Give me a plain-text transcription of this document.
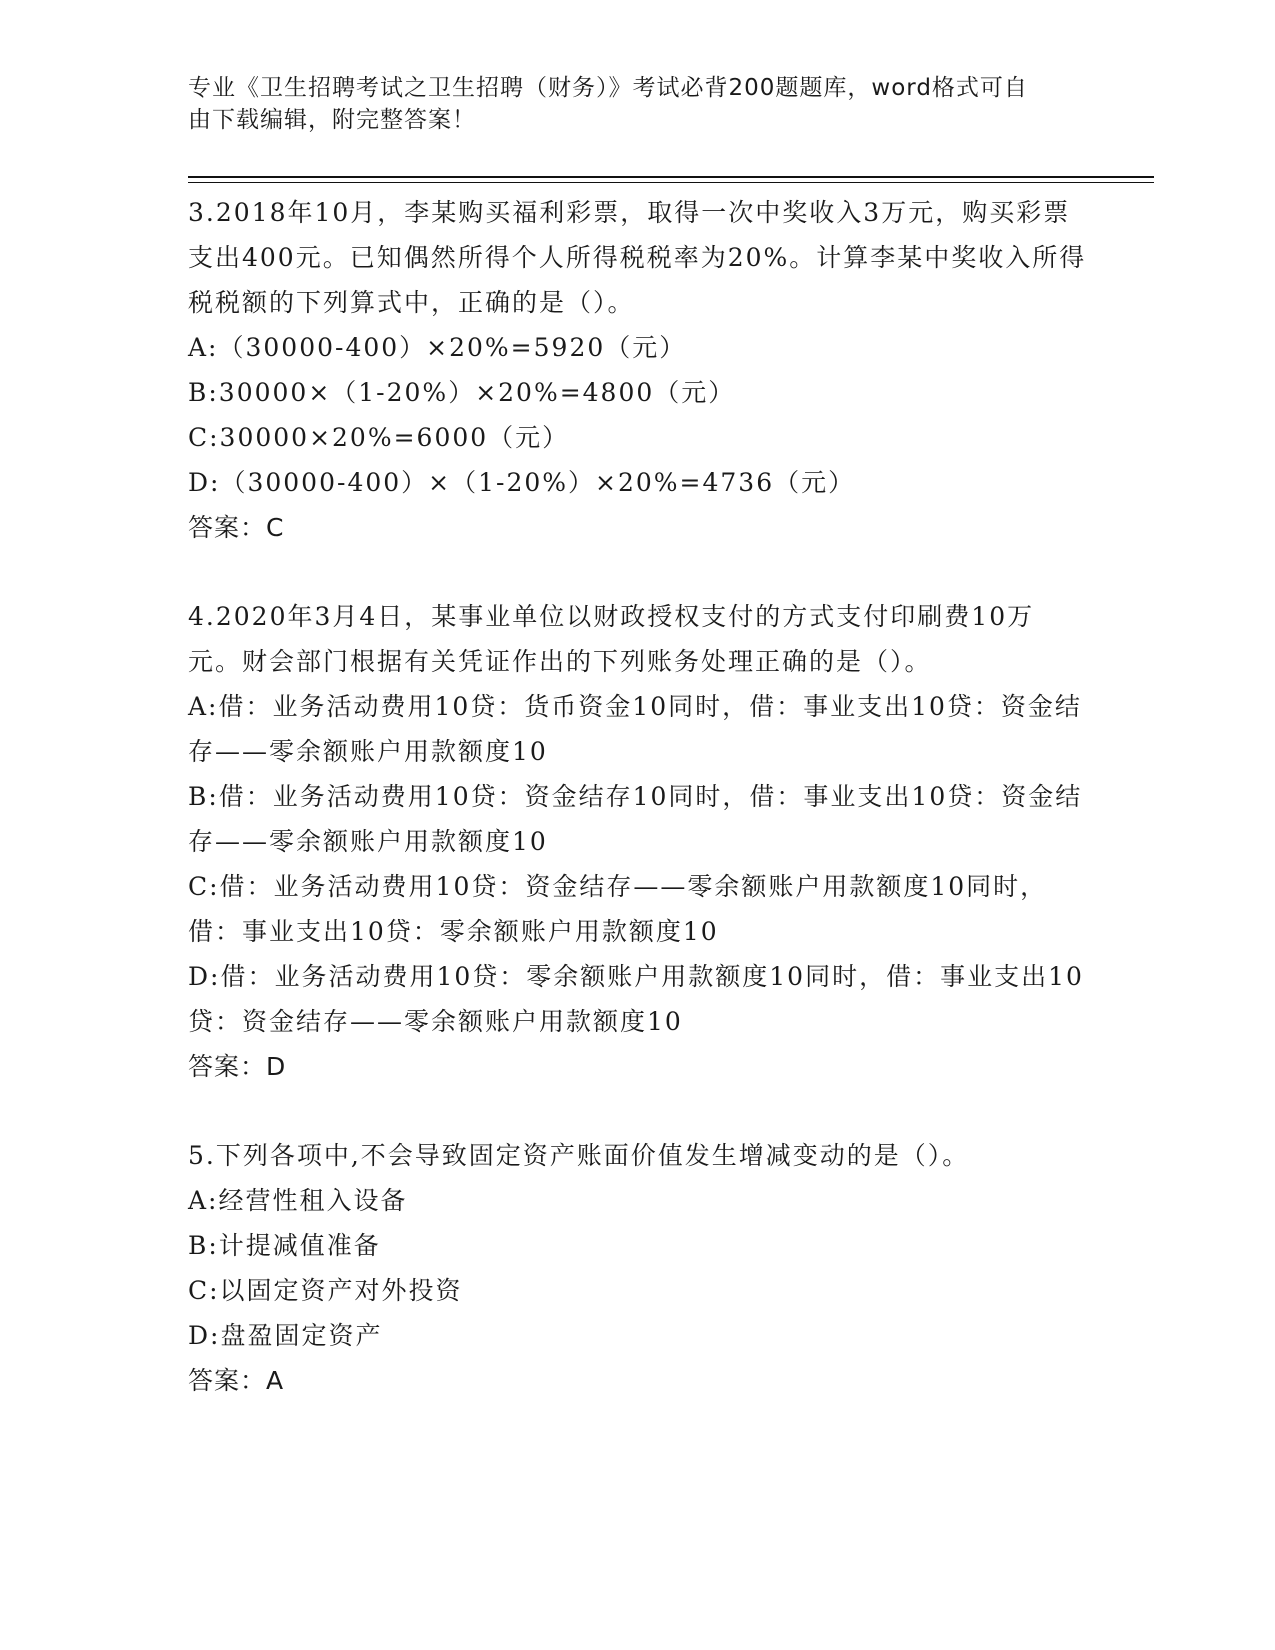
专业《卫生招聘考试之卫生招聘（财务）》考试必背200题题库，word格式可自
由下载编辑，附完整答案！

3.2018年10月，李某购买福利彩票，取得一次中奖收入3万元，购买彩票支出400元。已知偶然所得个人所得税税率为20%。计算李某中奖收入所得税税额的下列算式中，正确的是（）。

A:（30000-400）×20%=5920（元）

B:30000×（1-20%）×20%=4800（元）

C:30000×20%=6000（元）

D:（30000-400）×（1-20%）×20%=4736（元）

答案：C

4.2020年3月4日，某事业单位以财政授权支付的方式支付印刷费10万元。财会部门根据有关凭证作出的下列账务处理正确的是（）。

A:借：业务活动费用10贷：货币资金10同时，借：事业支出10贷：资金结存——零余额账户用款额度10

B:借：业务活动费用10贷：资金结存10同时，借：事业支出10贷：资金结存——零余额账户用款额度10

C:借：业务活动费用10贷：资金结存——零余额账户用款额度10同时，借：事业支出10贷：零余额账户用款额度10

D:借：业务活动费用10贷：零余额账户用款额度10同时，借：事业支出10贷：资金结存——零余额账户用款额度10

答案：D

5.下列各项中,不会导致固定资产账面价值发生增减变动的是（）。

A:经营性租入设备

B:计提减值准备

C:以固定资产对外投资

D:盘盈固定资产

答案：A
